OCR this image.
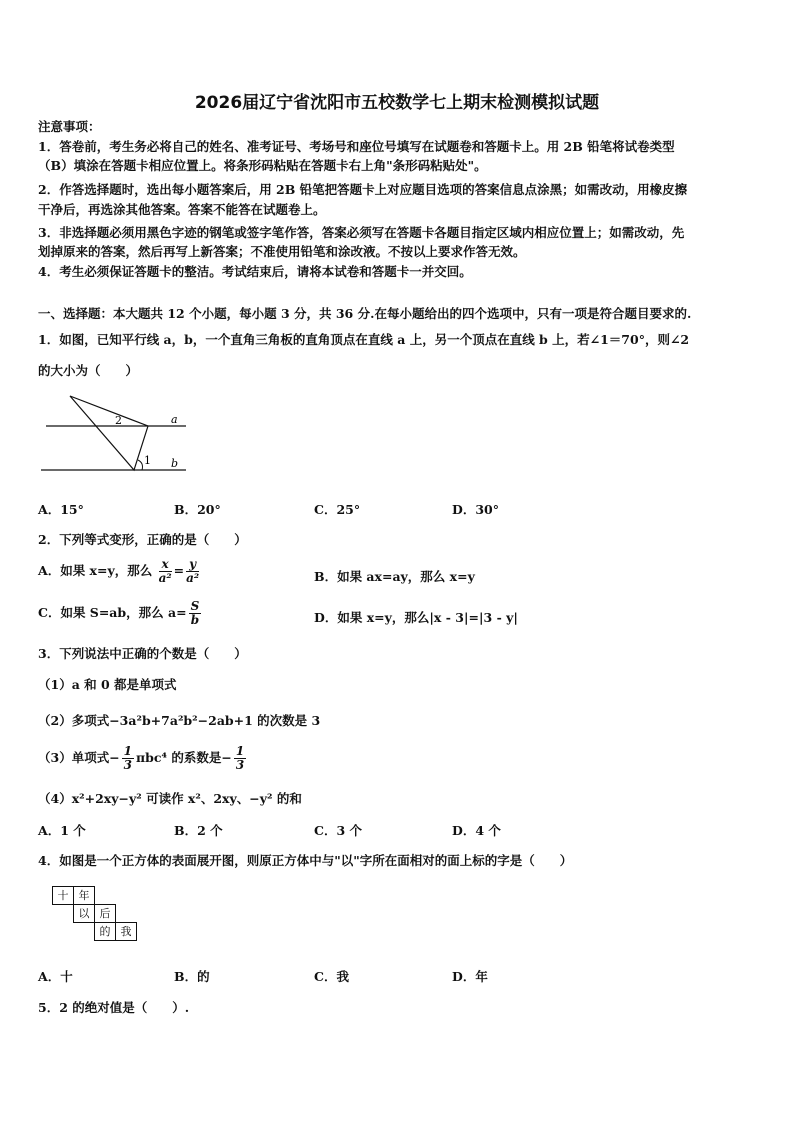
2026届辽宁省沈阳市五校数学七上期末检测模拟试题
注意事项：
1．答卷前，考生务必将自己的姓名、准考证号、考场号和座位号填写在试题卷和答题卡上。用 2B 铅笔将试卷类型
（B）填涂在答题卡相应位置上。将条形码粘贴在答题卡右上角"条形码粘贴处"。
2．作答选择题时，选出每小题答案后，用 2B 铅笔把答题卡上对应题目选项的答案信息点涂黑；如需改动，用橡皮擦
干净后，再选涂其他答案。答案不能答在试题卷上。
3．非选择题必须用黑色字迹的钢笔或签字笔作答，答案必须写在答题卡各题目指定区域内相应位置上；如需改动，先
划掉原来的答案，然后再写上新答案；不准使用铅笔和涂改液。不按以上要求作答无效。
4．考生必须保证答题卡的整洁。考试结束后，请将本试卷和答题卡一并交回。
一、选择题：本大题共 12 个小题，每小题 3 分，共 36 分.在每小题给出的四个选项中，只有一项是符合题目要求的.
1．如图，已知平行线 a，b，一个直角三角板的直角顶点在直线 a 上，另一个顶点在直线 b 上，若∠1＝70°，则∠2
的大小为（　　）
a
b
1
2
A．15°	B．20°	C．25°	D．30°
2．下列等式变形，正确的是（　　）
A．如果 x=y，那么 $\frac{x}{\text{a²}} = \frac{y}{\text{a²}}$	B．如果 ax=ay，那么 x=y
C．如果 S=ab，那么 $a= \frac{S}{b}$	D．如果 x=y，那么|x - 3|=|3 - y|
3．下列说法中正确的个数是（　　）
（1）a 和 0 都是单项式
（2）多项式−3a²b+7a²b²−2ab+1 的次数是 3
（3）单项式− $\frac{1}{3} \pi bc^4$ 的系数是− $\frac{1}{3}$
（4）x²+2xy−y² 可读作 x²、2xy、−y² 的和
A．1 个	B．2 个	C．3 个	D．4 个
4．如图是一个正方体的表面展开图，则原正方体中与"以"字所在面相对的面上标的字是（　　）
十 年
以 后
的 我
A．十	B．的	C．我	D．年
5．2 的绝对值是（　　）.
